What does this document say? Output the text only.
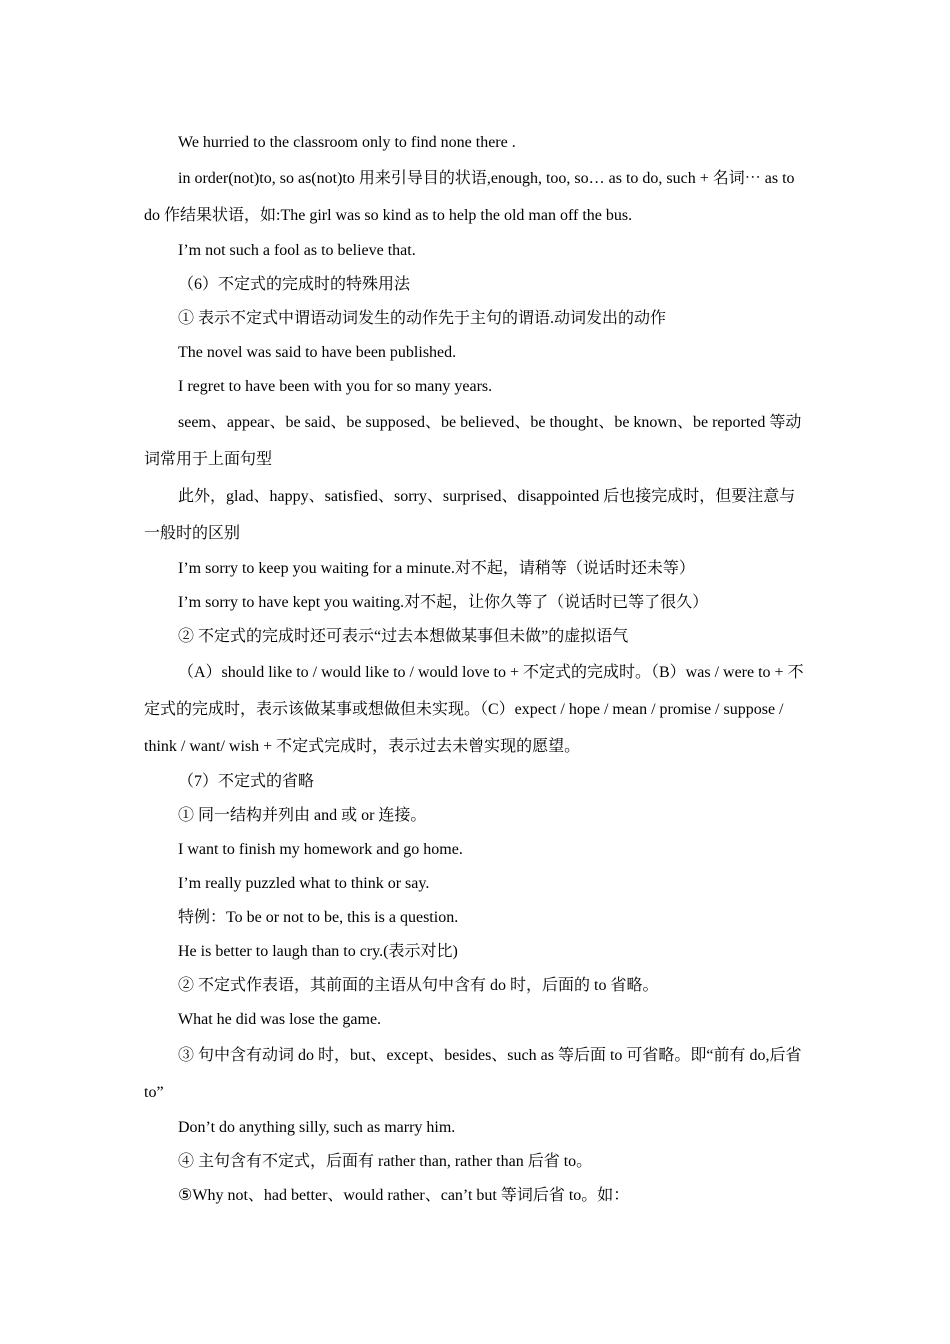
We hurried to the classroom only to find none there .

in order(not)to, so as(not)to 用来引导目的状语,enough, too, so… as to do, such + 名词⋯ as to do 作结果状语，如:The girl was so kind as to help the old man off the bus.

I’m not such a fool as to believe that.

（6）不定式的完成时的特殊用法

① 表示不定式中谓语动词发生的动作先于主句的谓语.动词发出的动作

The novel was said to have been published.

I regret to have been with you for so many years.

seem、appear、be said、be supposed、be believed、be thought、be known、be reported 等动词常用于上面句型

此外，glad、happy、satisfied、sorry、surprised、disappointed 后也接完成时，但要注意与一般时的区别

I’m sorry to keep you waiting for a minute.对不起，请稍等（说话时还未等）

I’m sorry to have kept you waiting.对不起，让你久等了（说话时已等了很久）

② 不定式的完成时还可表示“过去本想做某事但未做”的虚拟语气

（A）should like to / would like to / would love to + 不定式的完成时。（B）was / were to + 不定式的完成时，表示该做某事或想做但未实现。（C）expect / hope / mean / promise / suppose / think / want/ wish + 不定式完成时，表示过去未曾实现的愿望。

（7）不定式的省略

① 同一结构并列由 and 或 or 连接。

I want to finish my homework and go home.

I’m really puzzled what to think or say.

特例：To be or not to be, this is a question.

He is better to laugh than to cry.(表示对比)

② 不定式作表语，其前面的主语从句中含有 do 时，后面的 to 省略。

What he did was lose the game.

③ 句中含有动词 do 时，but、except、besides、such as 等后面 to 可省略。即“前有 do,后省 to”

Don’t do anything silly, such as marry him.

④ 主句含有不定式，后面有 rather than, rather than 后省 to。

⑤Why not、had better、would rather、can’t but 等词后省 to。如：
